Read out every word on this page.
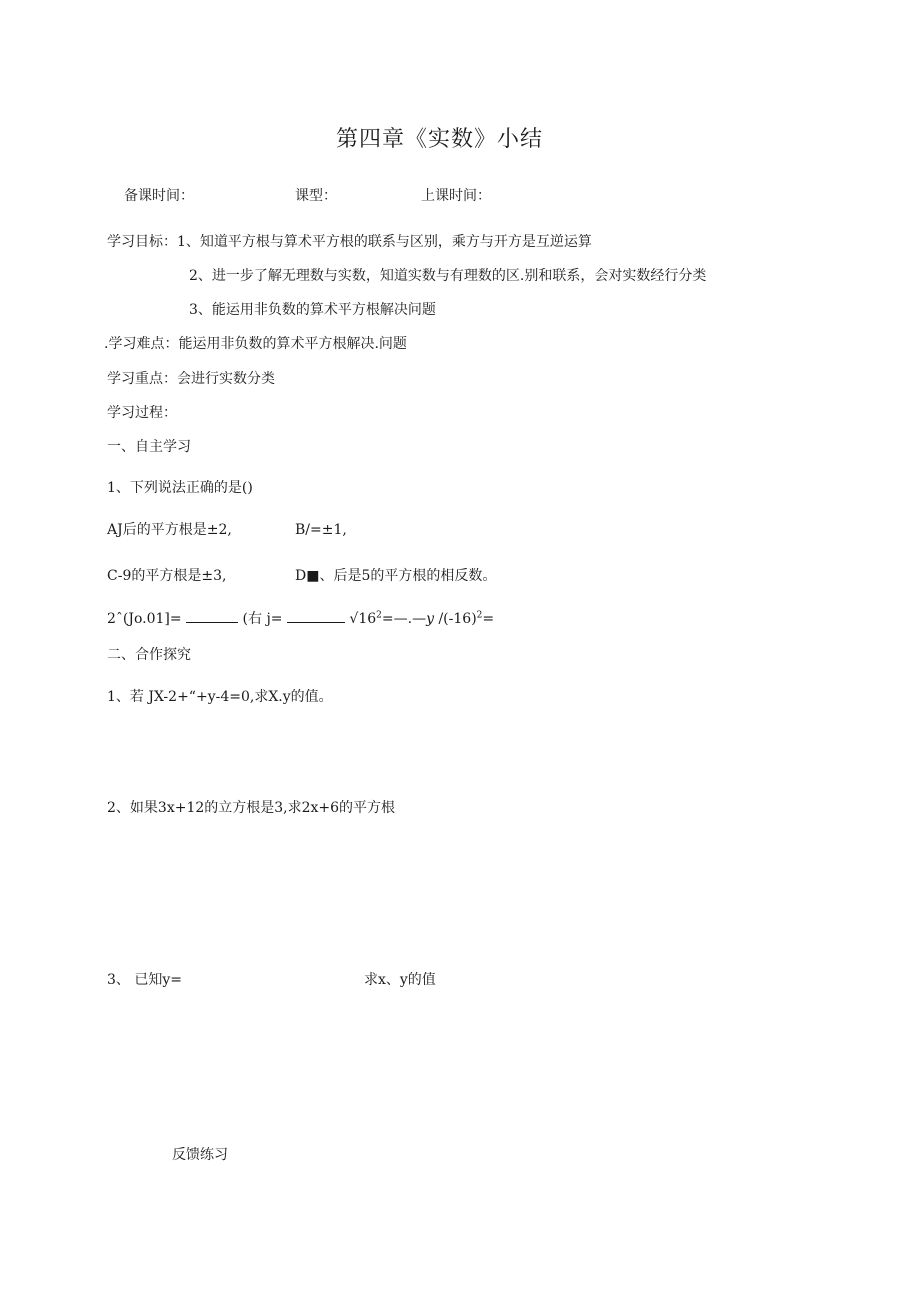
第四章《实数》小结
备课时间：	课型：	上课时间：
学习目标：1、知道平方根与算术平方根的联系与区别，乘方与开方是互逆运算
2、进一步了解无理数与实数，知道实数与有理数的区.别和联系，会对实数经行分类
3、能运用非负数的算术平方根解决问题
.学习难点：能运用非负数的算术平方根解决.问题
学习重点：会进行实数分类
学习过程：
一、自主学习
1、下列说法正确的是()
AJ后的平方根是±2,	B/=±1,
C-9的平方根是±3,	D■、后是5的平方根的相反数。
2ˆ(Jo.01]=	(右 j=	$√16^2=—.—y$ $/(-16)^2=$
二、合作探究
1、若 JX-2+“+y-4=0,求X.y的值。
2、如果3x+12的立方根是3,求2x+6的平方根
3、 已知y=	求x、y的值
反馈练习
